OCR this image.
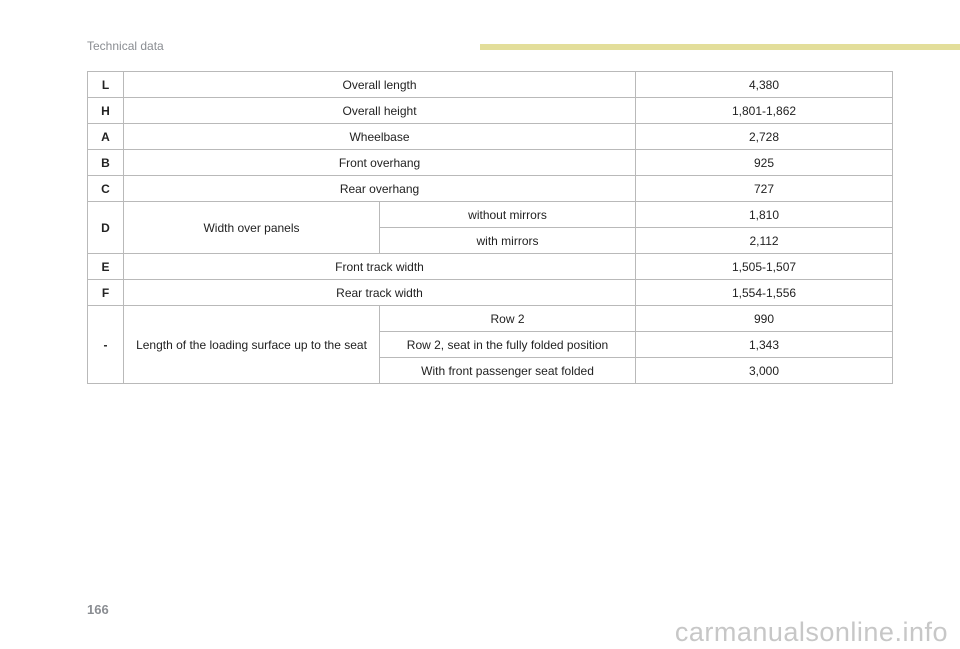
Technical data
L	Overall length		4,380
H	Overall height		1,801-1,862
A	Wheelbase		2,728
B	Front overhang		925
C	Rear overhang		727
D	Width over panels	without mirrors	1,810
		with mirrors	2,112
E	Front track width		1,505-1,507
F	Rear track width		1,554-1,556
-	Length of the loading surface up to the seat	Row 2	990
		Row 2, seat in the fully folded position	1,343
		With front passenger seat folded	3,000
166
carmanualsonline.info
